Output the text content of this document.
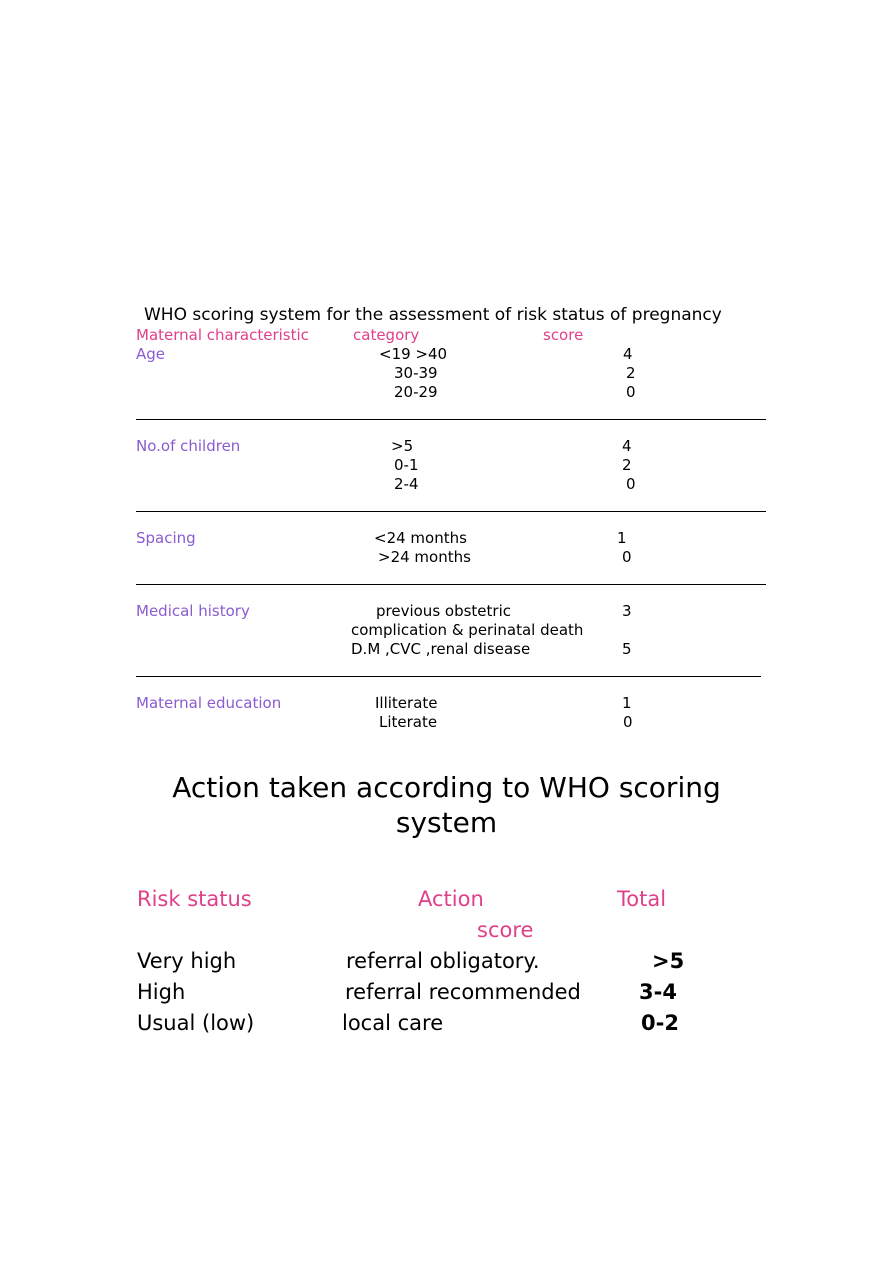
WHO scoring system for the assessment of risk status of pregnancy
Maternal characteristic	category	score
Age	<19 >40	4
30-39	2
20-29	0
No.of children	>5	4
0-1	2
2-4	0
Spacing	<24 months	1
>24 months	0
Medical history	previous obstetric	3
complication & perinatal death
D.M ,CVC ,renal disease	5
Maternal education	Illiterate	1
Literate	0
Action taken according to WHO scoring
system
Risk status	Action	Total
score
Very high	referral obligatory.	>5
High	referral recommended	3-4
Usual (low)	local care	0-2
